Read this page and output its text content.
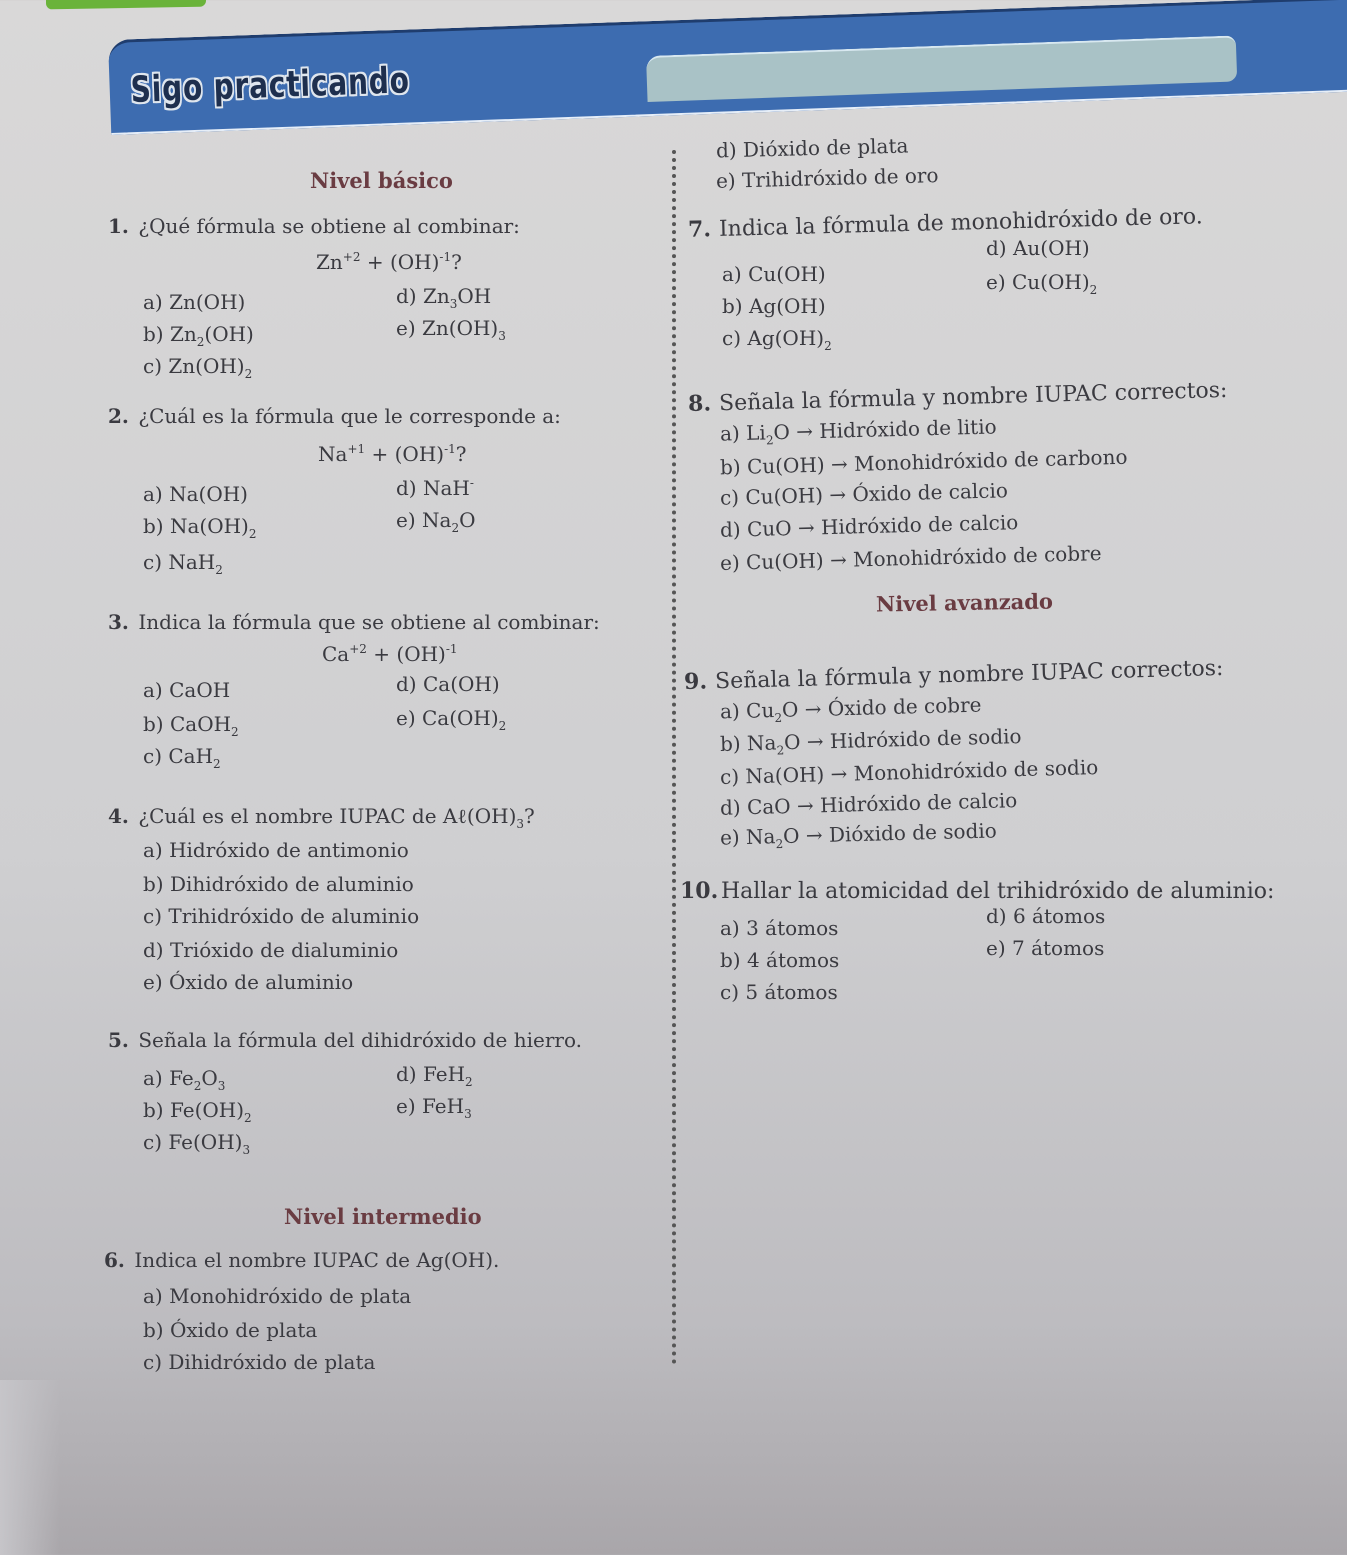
Sigo practicando
Nivel básico
1. ¿Qué fórmula se obtiene al combinar:
$Zn^{+2} + (OH)^{-1}$?
a) Zn(OH)
b) $Zn_2(OH)$
c) $Zn(OH)_2$
d) $Zn_3OH$
e) $Zn(OH)_3$
2. ¿Cuál es la fórmula que le corresponde a:
$Na^{+1} + (OH)^{-1}$?
a) Na(OH)
b) $Na(OH)_2$
c) NaH$_2$
d) NaH-
e) $Na_2O$
3. Indica la fórmula que se obtiene al combinar:
$Ca^{+2} + (OH)^{-1}$
a) CaOH
b) CaOH$_2$
c) CaH$_2$
d) Ca(OH)
e) $Ca(OH)_2$
4. ¿Cuál es el nombre IUPAC de $A\ell(OH)_3$?
a) Hidróxido de antimonio
b) Dihidróxido de aluminio
c) Trihidróxido de aluminio
d) Trióxido de dialuminio
e) Óxido de aluminio
5. Señala la fórmula del dihidróxido de hierro.
a) $Fe_2O_3$
b) $Fe(OH)_2$
c) $Fe(OH)_3$
d) FeH$_2$
e) FeH$_3$
Nivel intermedio
6. Indica el nombre IUPAC de Ag(OH).
a) Monohidróxido de plata
b) Óxido de plata
c) Dihidróxido de plata
d) Dióxido de plata
e) Trihidróxido de oro
7. Indica la fórmula de monohidróxido de oro.
a) Cu(OH)
b) Ag(OH)
c) $Ag(OH)_2$
d) Au(OH)
e) $Cu(OH)_2$
8. Señala la fórmula y nombre IUPAC correctos:
a) $Li_2O$ → Hidróxido de litio
b) Cu(OH) → Monohidróxido de carbono
c) Cu(OH) → Óxido de calcio
d) CuO → Hidróxido de calcio
e) Cu(OH) → Monohidróxido de cobre
Nivel avanzado
9. Señala la fórmula y nombre IUPAC correctos:
a) $Cu_2O$ → Óxido de cobre
b) $Na_2O$ → Hidróxido de sodio
c) Na(OH) → Monohidróxido de sodio
d) CaO → Hidróxido de calcio
e) $Na_2O$ → Dióxido de sodio
10. Hallar la atomicidad del trihidróxido de aluminio:
a) 3 átomos
b) 4 átomos
c) 5 átomos
d) 6 átomos
e) 7 átomos
